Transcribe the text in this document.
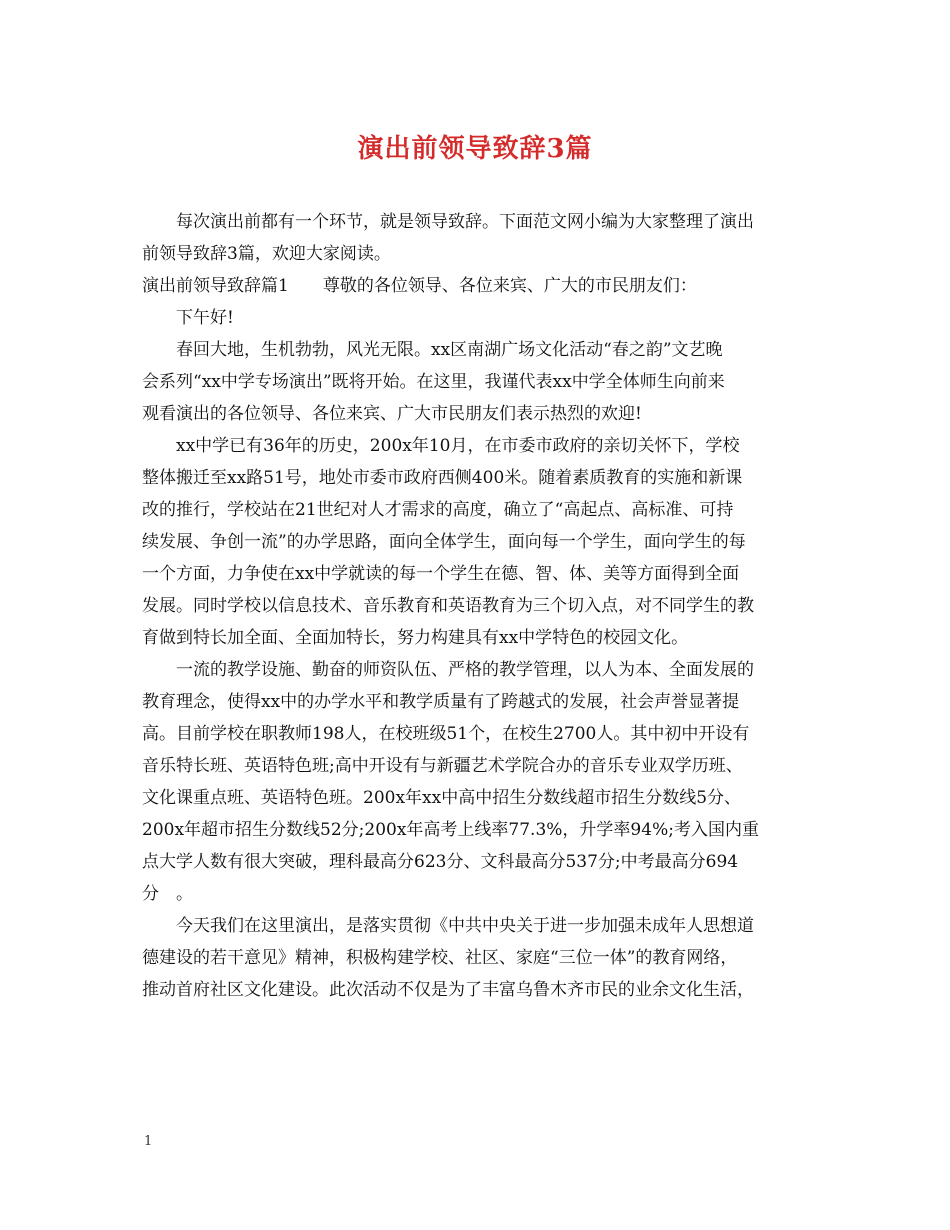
演出前领导致辞3篇
每次演出前都有一个环节，就是领导致辞。下面范文网小编为大家整理了演出
前领导致辞3篇，欢迎大家阅读。
演出前领导致辞篇1　　尊敬的各位领导、各位来宾、广大的市民朋友们：
下午好!
春回大地，生机勃勃，风光无限。xx区南湖广场文化活动“春之韵”文艺晚
会系列“xx中学专场演出”既将开始。在这里，我谨代表xx中学全体师生向前来
观看演出的各位领导、各位来宾、广大市民朋友们表示热烈的欢迎!
xx中学已有36年的历史，200x年10月，在市委市政府的亲切关怀下，学校
整体搬迁至xx路51号，地处市委市政府西侧400米。随着素质教育的实施和新课
改的推行，学校站在21世纪对人才需求的高度，确立了“高起点、高标准、可持
续发展、争创一流”的办学思路，面向全体学生，面向每一个学生，面向学生的每
一个方面，力争使在xx中学就读的每一个学生在德、智、体、美等方面得到全面
发展。同时学校以信息技术、音乐教育和英语教育为三个切入点，对不同学生的教
育做到特长加全面、全面加特长，努力构建具有xx中学特色的校园文化。
一流的教学设施、勤奋的师资队伍、严格的教学管理，以人为本、全面发展的
教育理念，使得xx中的办学水平和教学质量有了跨越式的发展，社会声誉显著提
高。目前学校在职教师198人，在校班级51个，在校生2700人。其中初中开设有
音乐特长班、英语特色班;高中开设有与新疆艺术学院合办的音乐专业双学历班、
文化课重点班、英语特色班。200x年xx中高中招生分数线超市招生分数线5分、
200x年超市招生分数线52分;200x年高考上线率77.3%，升学率94%;考入国内重
点大学人数有很大突破，理科最高分623分、文科最高分537分;中考最高分694
分　。
今天我们在这里演出，是落实贯彻《中共中央关于进一步加强未成年人思想道
德建设的若干意见》精神，积极构建学校、社区、家庭“三位一体”的教育网络，
推动首府社区文化建设。此次活动不仅是为了丰富乌鲁木齐市民的业余文化生活，
1
